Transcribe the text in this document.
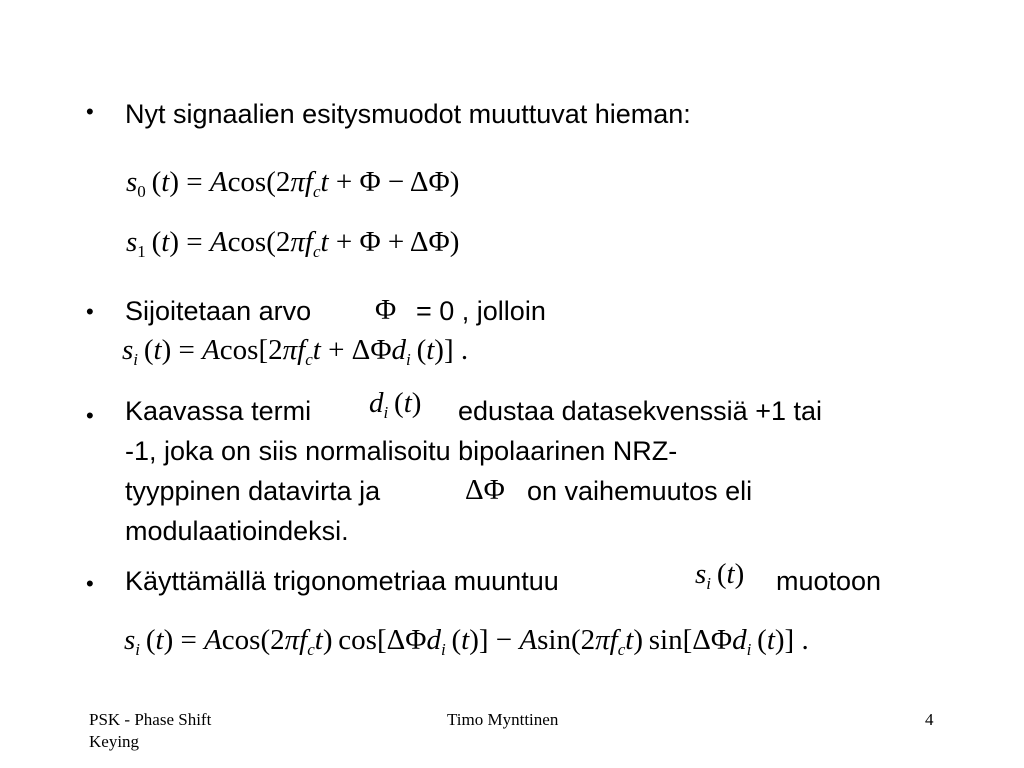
• Nyt signaalien esitysmuodot muuttuvat hieman:
$s_0$ $(t) = Acos(2\pi f_ct + \Phi - \Delta\Phi)$
$s_1$ $(t) = Acos(2\pi f_ct + \Phi + \Delta\Phi)$
• Sijoitetaan arvo Φ = 0 , jolloin
$s_i$ $(t) = Acos[2\pi f_ct + \Delta\Phi d_i$ (t)] .
• Kaavassa termi $d_i$ (t) edustaa datasekvenssiä +1 tai
-1, joka on siis normalisoitu bipolaarinen NRZ-
tyyppinen datavirta ja	ΔΦ on vaihemuutos eli
modulaatioindeksi.
• Käyttämällä trigonometriaa muuntuu	$s_i$ (t) muotoon
$s_i$ $(t) = Acos(2\pi f_ct)$ cos[ΔΦd$_i$ $(t)] - Asin(2\pi f_ct)$ sin[ΔΦd$_i$ (t)] .
PSK - Phase Shift
Keying
Timo Mynttinen	4
